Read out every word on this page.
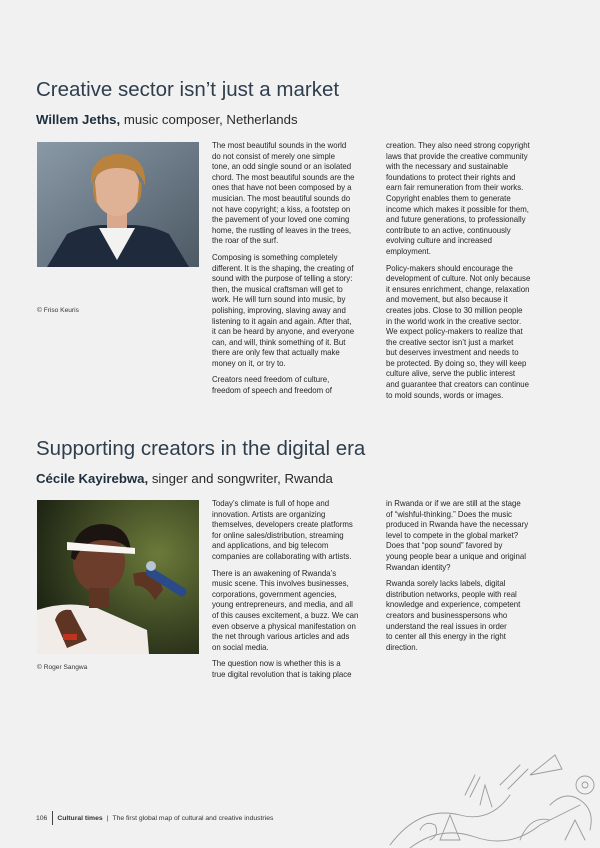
Creative sector isn’t just a market

Willem Jeths, music composer, Netherlands

© Friso Keuris

The most beautiful sounds in the world
do not consist of merely one simple
tone, an odd single sound or an isolated
chord. The most beautiful sounds are the
ones that have not been composed by a
musician. The most beautiful sounds do
not have copyright; a kiss, a footstep on
the pavement of your loved one coming
home, the rustling of leaves in the trees,
the roar of the surf.

Composing is something completely
different. It is the shaping, the creating of
sound with the purpose of telling a story:
then, the musical craftsman will get to
work. He will turn sound into music, by
polishing, improving, slaving away and
listening to it again and again. After that,
it can be heard by anyone, and everyone
can, and will, think something of it. But
there are only few that actually make
money on it, or try to.

Creators need freedom of culture,
freedom of speech and freedom of

creation. They also need strong copyright
laws that provide the creative community
with the necessary and sustainable
foundations to protect their rights and
earn fair remuneration from their works.
Copyright enables them to generate
income which makes it possible for them,
and future generations, to professionally
contribute to an active, continuously
evolving culture and increased
employment.

Policy-makers should encourage the
development of culture. Not only because
it ensures enrichment, change, relaxation
and movement, but also because it
creates jobs. Close to 30 million people
in the world work in the creative sector.
We expect policy-makers to realize that
the creative sector isn’t just a market
but deserves investment and needs to
be protected. By doing so, they will keep
culture alive, serve the public interest
and guarantee that creators can continue
to mold sounds, words or images.

Supporting creators in the digital era

Cécile Kayirebwa, singer and songwriter, Rwanda

© Roger Sangwa

Today’s climate is full of hope and
innovation. Artists are organizing
themselves, developers create platforms
for online sales/distribution, streaming
and applications, and big telecom
companies are collaborating with artists.

There is an awakening of Rwanda’s
music scene. This involves businesses,
corporations, government agencies,
young entrepreneurs, and media, and all
of this causes excitement, a buzz. We can
even observe a physical manifestation on
the net through various articles and ads
on social media.

The question now is whether this is a
true digital revolution that is taking place

in Rwanda or if we are still at the stage
of “wishful-thinking.” Does the music
produced in Rwanda have the necessary
level to compete in the global market?
Does that “pop sound” favored by
young people bear a unique and original
Rwandan identity?

Rwanda sorely lacks labels, digital
distribution networks, people with real
knowledge and experience, competent
creators and businesspersons who
understand the real issues in order
to center all this energy in the right
direction.

106 Cultural times | The first global map of cultural and creative industries
